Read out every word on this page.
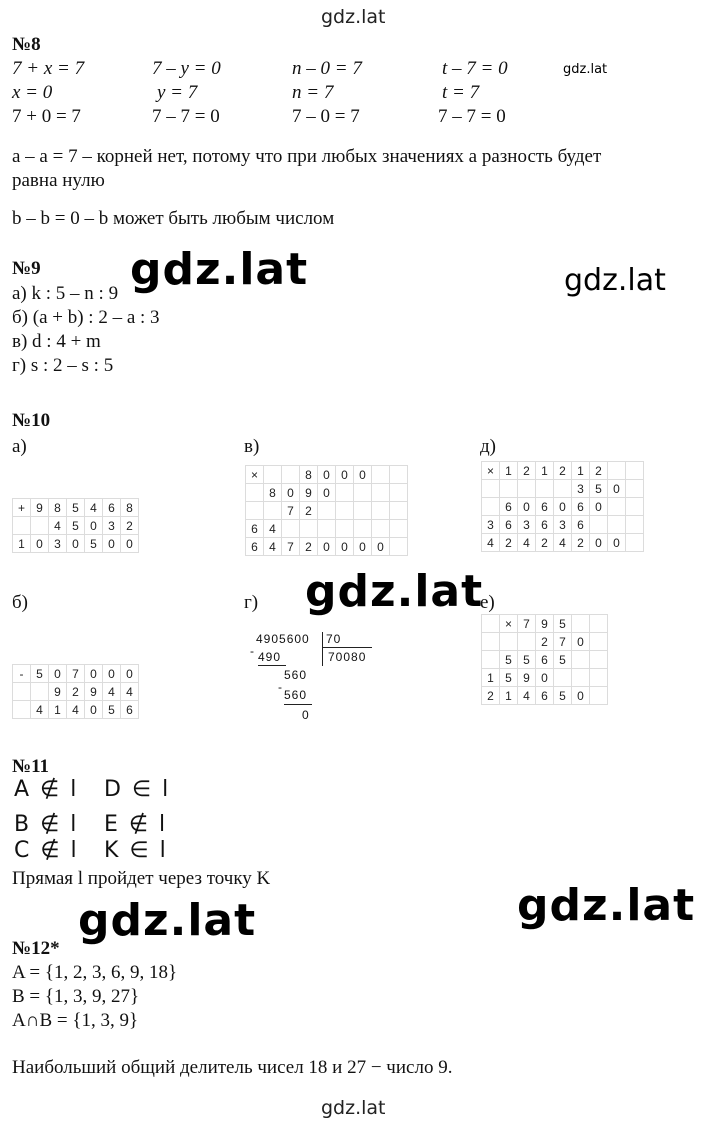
gdz.lat
gdz.lat
gdz.lat	gdz.lat
gdz.lat
gdz.lat	gdz.lat
gdz.lat
№8
7 + x = 7	7 – y = 0	n – 0 = 7	t – 7 = 0
x = 0	y = 7	n = 7	t = 7
7 + 0 = 7	7 – 7 = 0	7 – 0 = 7	7 – 7 = 0
a – a = 7 – корней нет, потому что при любых значениях a разность будет
равна нулю
b – b = 0 – b может быть любым числом
№9
а) k : 5 – n : 9
б) (a + b) : 2 – a : 3
в) d : 4 + m
г) s : 2 – s : 5
№10
а)	в)	д)
б)	г)	е)
+	9	8	5	4	6	8
		4	5	0	3	2
1	0	3	0	5	0	0
×			8	0	0	0		
	8	0	9	0				
		7	2					
6	4							
6	4	7	2	0	0	0	0	
×	1	2	1	2	1	2		
					3	5	0	
	6	0	6	0	6	0		
3	6	3	6	3	6			
4	2	4	2	4	2	0	0	
-	5	0	7	0	0	0
		9	2	9	4	4
	4	1	4	0	5	6
	×	7	9	5		
			2	7	0	
	5	5	6	5		
1	5	9	0			
2	1	4	6	5	0	
4905600 70
70080
- 490
560
-
560
0
№11
A ∉ l D ∈ l
B ∉ l E ∉ l
C ∉ l K ∈ l
Прямая l пройдет через точку K
№12*
A = {1, 2, 3, 6, 9, 18}
B = {1, 3, 9, 27}
A∩B = {1, 3, 9}
Наибольший общий делитель чисел 18 и 27 − число 9.
